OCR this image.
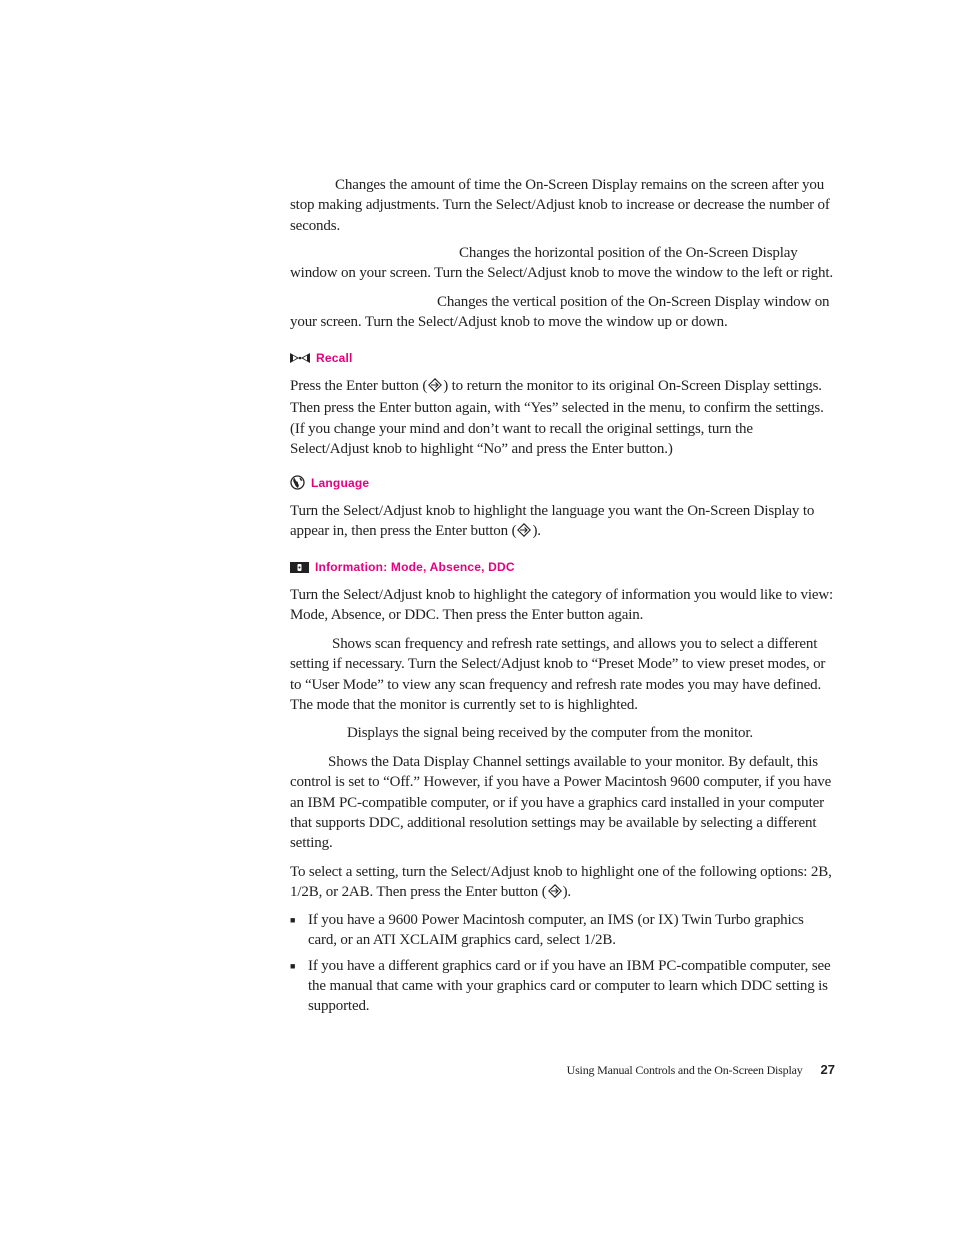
Changes the amount of time the On-Screen Display remains on the screen after you stop making adjustments. Turn the Select/Adjust knob to increase or decrease the number of seconds.

Changes the horizontal position of the On-Screen Display window on your screen. Turn the Select/Adjust knob to move the window to the left or right.

Changes the vertical position of the On-Screen Display window on your screen. Turn the Select/Adjust knob to move the window up or down.

Recall

Press the Enter button ( ) to return the monitor to its original On-Screen Display settings. Then press the Enter button again, with “Yes” selected in the menu, to confirm the settings. (If you change your mind and don’t want to recall the original settings, turn the Select/Adjust knob to highlight “No” and press the Enter button.)

Language

Turn the Select/Adjust knob to highlight the language you want the On-Screen Display to appear in, then press the Enter button ( ).

Information: Mode, Absence, DDC

Turn the Select/Adjust knob to highlight the category of information you would like to view: Mode, Absence, or DDC. Then press the Enter button again.

Shows scan frequency and refresh rate settings, and allows you to select a different setting if necessary. Turn the Select/Adjust knob to “Preset Mode” to view preset modes, or to “User Mode” to view any scan frequency and refresh rate modes you may have defined. The mode that the monitor is currently set to is highlighted.

Displays the signal being received by the computer from the monitor.

Shows the Data Display Channel settings available to your monitor. By default, this control is set to “Off.” However, if you have a Power Macintosh 9600 computer, if you have an IBM PC-compatible computer, or if you have a graphics card installed in your computer that supports DDC, additional resolution settings may be available by selecting a different setting.

To select a setting, turn the Select/Adjust knob to highlight one of the following options: 2B, 1/2B, or 2AB. Then press the Enter button ( ).

■ If you have a 9600 Power Macintosh computer, an IMS (or IX) Twin Turbo graphics card, or an ATI XCLAIM graphics card, select 1/2B.
■ If you have a different graphics card or if you have an IBM PC-compatible computer, see the manual that came with your graphics card or computer to learn which DDC setting is supported.
Using Manual Controls and the On-Screen Display 27
